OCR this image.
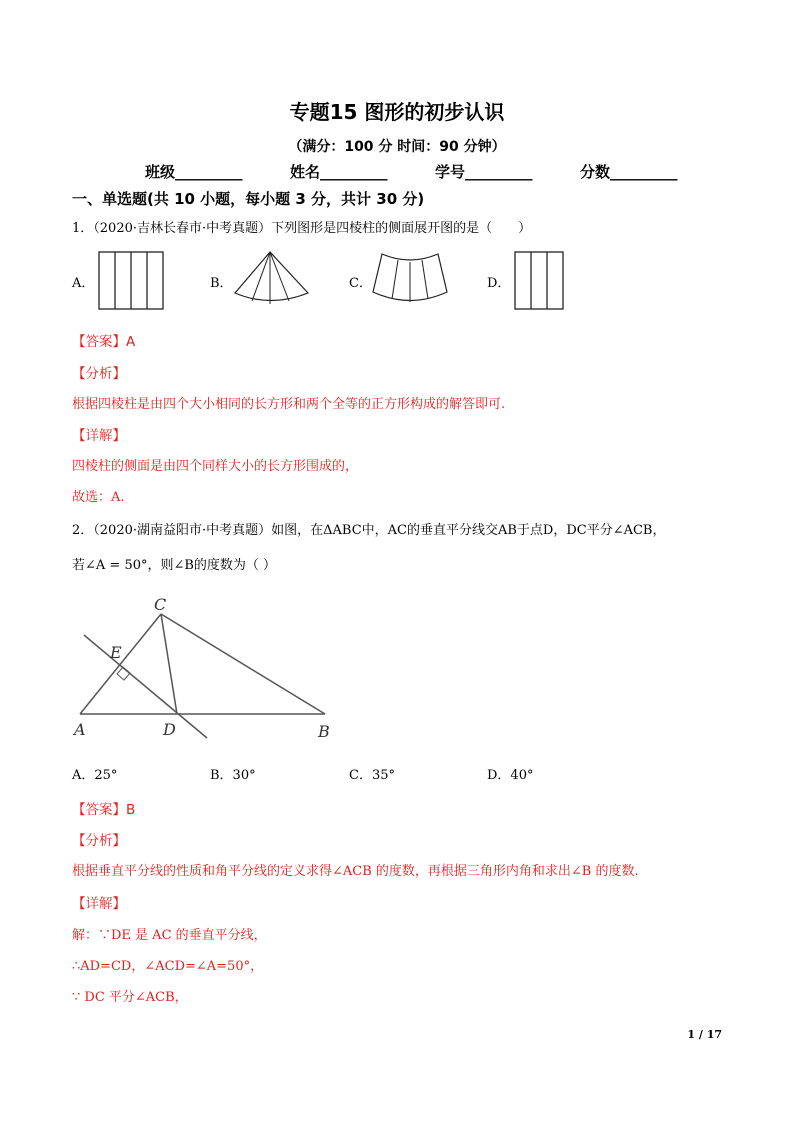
专题15 图形的初步认识
（满分：100 分 时间：90 分钟）
班级_________	姓名_________	学号_________	分数_________
一、单选题(共 10 小题，每小题 3 分，共计 30 分)
1．（2020·吉林长春市·中考真题）下列图形是四棱柱的侧面展开图的是（　　）
A．	B．	C．	D．
【答案】A
【分析】
根据四棱柱是由四个大小相同的长方形和两个全等的正方形构成的解答即可.
【详解】
四棱柱的侧面是由四个同样大小的长方形围成的，
故选：A.
2．（2020·湖南益阳市·中考真题）如图，在ΔABC中，AC的垂直平分线交AB于点D，DC平分∠ACB，
若∠A = 50°，则∠B的度数为（ ）
C
E
A	D	B
A．25°	B．30°	C．35°	D．40°
【答案】B
【分析】
根据垂直平分线的性质和角平分线的定义求得∠ACB 的度数，再根据三角形内角和求出∠B 的度数.
【详解】
解：∵DE 是 AC 的垂直平分线，
∴AD=CD，∠ACD=∠A=50°，
∵ DC 平分∠ACB，
1 / 17
